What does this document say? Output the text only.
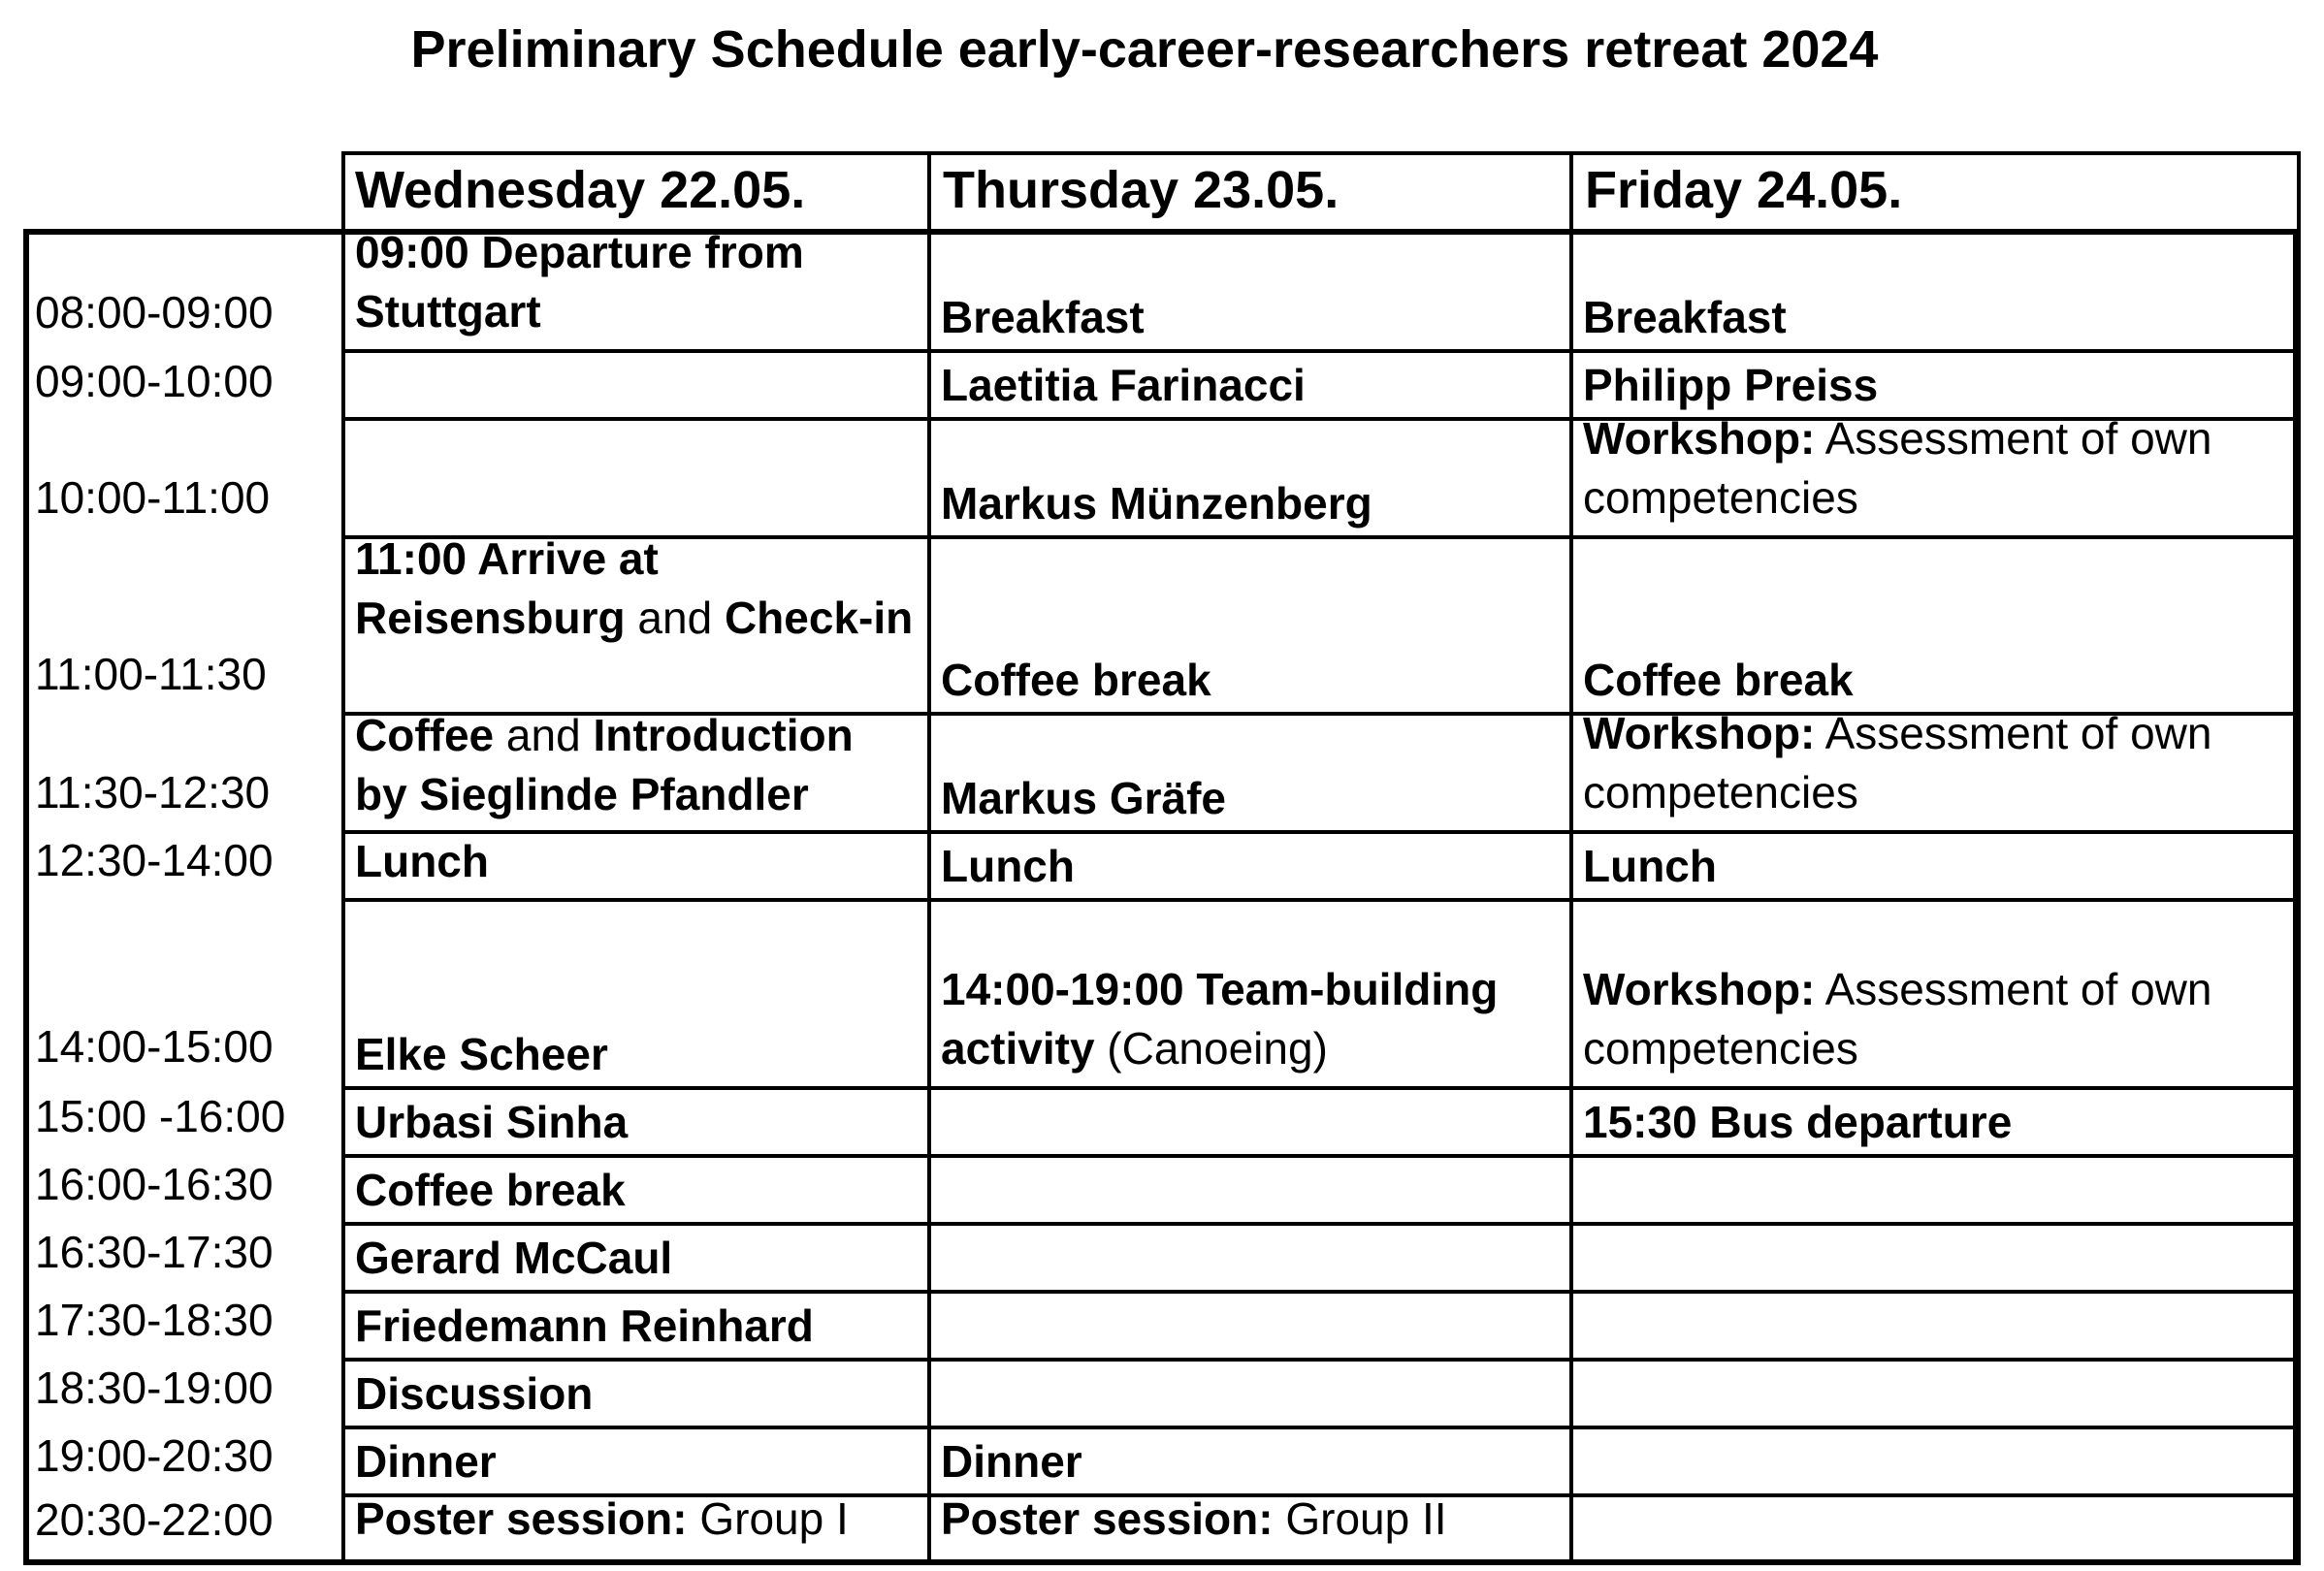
Preliminary Schedule early-career-researchers retreat 2024
Wednesday 22.05.	Thursday 23.05.	Friday 24.05.
08:00-09:00
09:00-10:00
10:00-11:00
11:00-11:30
11:30-12:30
12:30-14:00
14:00-15:00
15:00 -16:00
16:00-16:30
16:30-17:30
17:30-18:30
18:30-19:00
19:00-20:30
20:30-22:00
09:00 Departure from Stuttgart
11:00 Arrive at Reisensburg and Check-in
Coffee and Introduction by Sieglinde Pfandler
Lunch
Elke Scheer
Urbasi Sinha
Coffee break
Gerard McCaul
Friedemann Reinhard
Discussion
Dinner
Poster session: Group I
Breakfast
Laetitia Farinacci
Markus Münzenberg
Coffee break
Markus Gräfe
Lunch
14:00-19:00 Team-building activity (Canoeing)
Dinner
Poster session: Group II
Breakfast
Philipp Preiss
Workshop: Assessment of own competencies
Coffee break
Workshop: Assessment of own competencies
Lunch
Workshop: Assessment of own competencies
15:30 Bus departure
